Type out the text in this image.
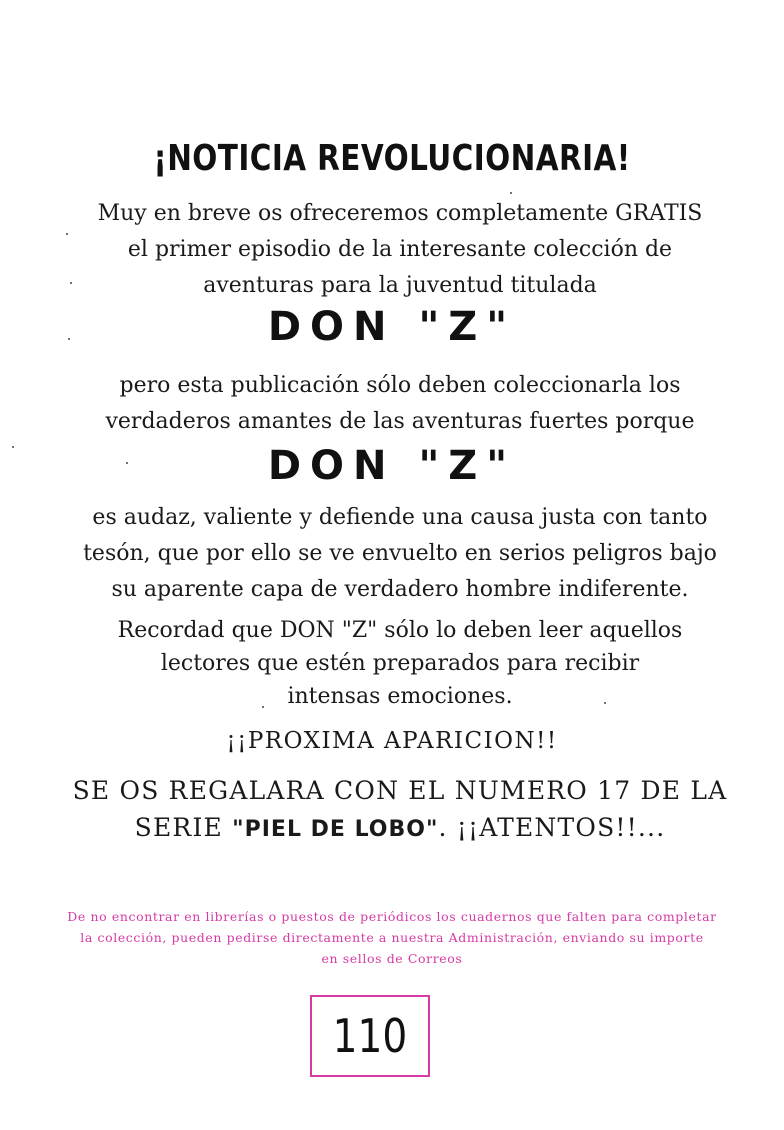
¡NOTICIA REVOLUCIONARIA!
Muy en breve os ofreceremos completamente GRATIS
el primer episodio de la interesante colección de
aventuras para la juventud titulada
DON "Z"
pero esta publicación sólo deben coleccionarla los
verdaderos amantes de las aventuras fuertes porque
DON "Z"
es audaz, valiente y defiende una causa justa con tanto
tesón, que por ello se ve envuelto en serios peligros bajo
su aparente capa de verdadero hombre indiferente.
Recordad que DON "Z" sólo lo deben leer aquellos
lectores que estén preparados para recibir
intensas emociones.
¡¡PROXIMA APARICION!!
SE OS REGALARA CON EL NUMERO 17 DE LA
SERIE "PIEL DE LOBO". ¡¡ATENTOS!!...
De no encontrar en librerías o puestos de periódicos los cuadernos que falten para completar
la colección, pueden pedirse directamente a nuestra Administración, enviando su importe
en sellos de Correos
110
